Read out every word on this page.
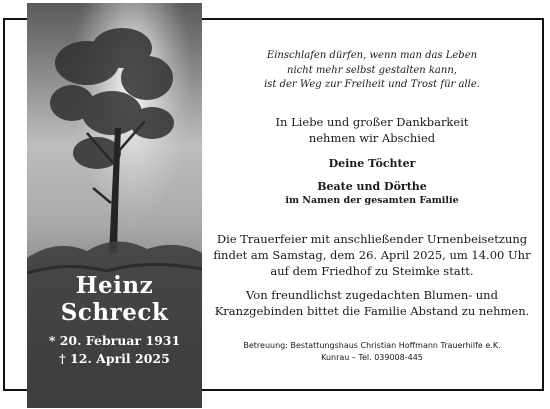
Heinz
Schreck
* 20. Februar 1931
† 12. April 2025
Einschlafen dürfen, wenn man das Leben
nicht mehr selbst gestalten kann,
ist der Weg zur Freiheit und Trost für alle.
In Liebe und großer Dankbarkeit
nehmen wir Abschied
Deine Töchter
Beate und Dörthe
im Namen der gesamten Familie
Die Trauerfeier mit anschließender Urnenbeisetzung
findet am Samstag, dem 26. April 2025, um 14.00 Uhr
auf dem Friedhof zu Steimke statt.
Von freundlichst zugedachten Blumen- und
Kranzgebinden bittet die Familie Abstand zu nehmen.
Betreuung: Bestattungshaus Christian Hoffmann Trauerhilfe e.K.
Kunrau – Tel. 039008-445
